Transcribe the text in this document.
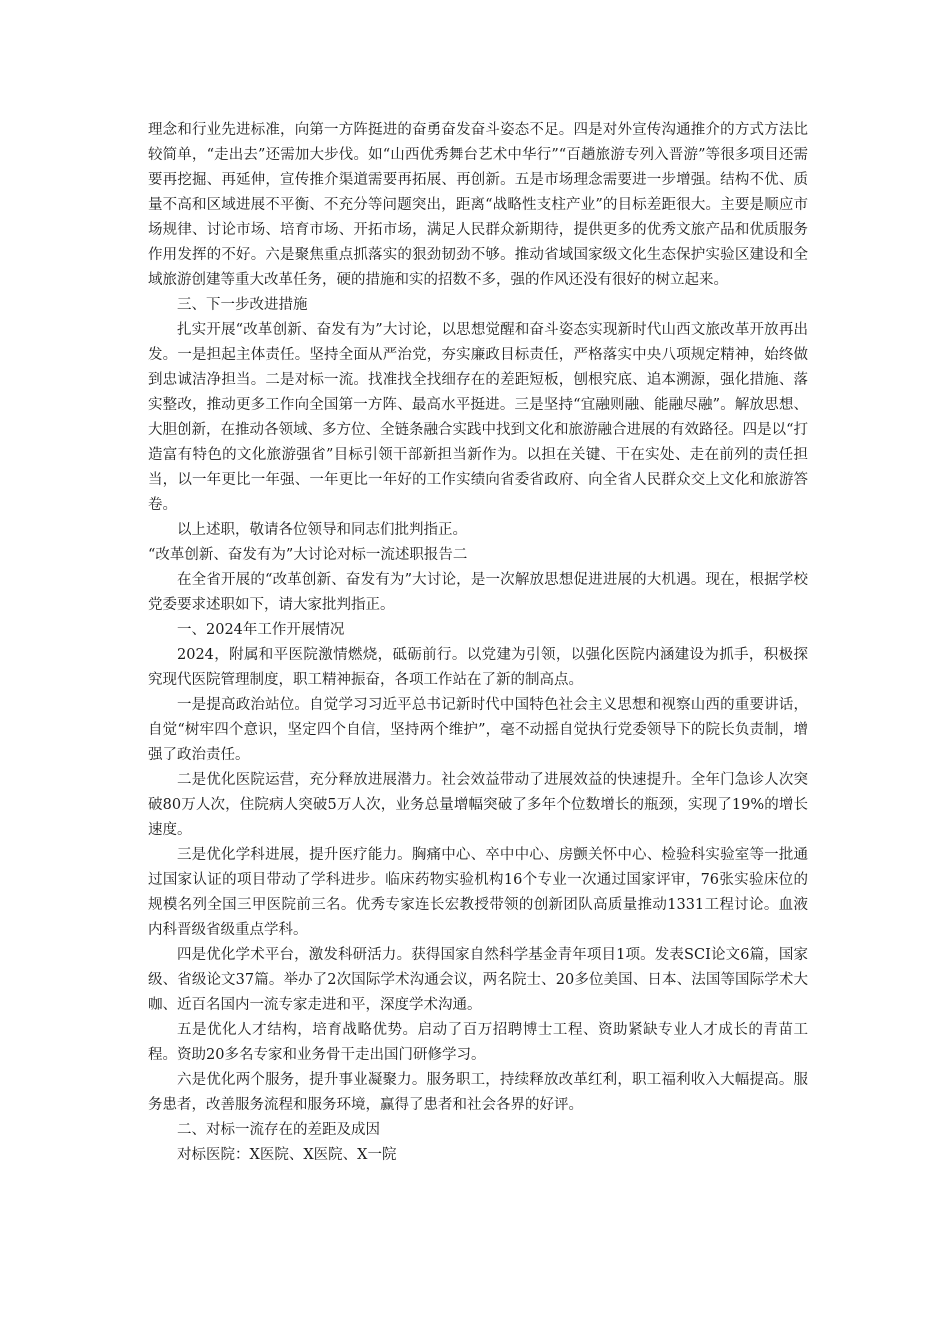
理念和行业先进标准，向第一方阵挺进的奋勇奋发奋斗姿态不足。四是对外宣传沟通推介的方式方法比较简单，“走出去”还需加大步伐。如“山西优秀舞台艺术中华行”“百趟旅游专列入晋游”等很多项目还需要再挖掘、再延伸，宣传推介渠道需要再拓展、再创新。五是市场理念需要进一步增强。结构不优、质量不高和区域进展不平衡、不充分等问题突出，距离“战略性支柱产业”的目标差距很大。主要是顺应市场规律、讨论市场、培育市场、开拓市场，满足人民群众新期待，提供更多的优秀文旅产品和优质服务作用发挥的不好。六是聚焦重点抓落实的狠劲韧劲不够。推动省域国家级文化生态保护实验区建设和全域旅游创建等重大改革任务，硬的措施和实的招数不多，强的作风还没有很好的树立起来。

三、下一步改进措施

扎实开展“改革创新、奋发有为”大讨论，以思想觉醒和奋斗姿态实现新时代山西文旅改革开放再出发。一是担起主体责任。坚持全面从严治党，夯实廉政目标责任，严格落实中央八项规定精神，始终做到忠诚洁净担当。二是对标一流。找准找全找细存在的差距短板，刨根究底、追本溯源，强化措施、落实整改，推动更多工作向全国第一方阵、最高水平挺进。三是坚持“宜融则融、能融尽融”。解放思想、大胆创新，在推动各领域、多方位、全链条融合实践中找到文化和旅游融合进展的有效路径。四是以“打造富有特色的文化旅游强省”目标引领干部新担当新作为。以担在关键、干在实处、走在前列的责任担当，以一年更比一年强、一年更比一年好的工作实绩向省委省政府、向全省人民群众交上文化和旅游答卷。

以上述职，敬请各位领导和同志们批判指正。

“改革创新、奋发有为”大讨论对标一流述职报告二

在全省开展的“改革创新、奋发有为”大讨论，是一次解放思想促进进展的大机遇。现在，根据学校党委要求述职如下，请大家批判指正。

一、2024年工作开展情况

2024，附属和平医院激情燃烧，砥砺前行。以党建为引领，以强化医院内涵建设为抓手，积极探究现代医院管理制度，职工精神振奋，各项工作站在了新的制高点。

一是提高政治站位。自觉学习习近平总书记新时代中国特色社会主义思想和视察山西的重要讲话，自觉“树牢四个意识，坚定四个自信，坚持两个维护”，毫不动摇自觉执行党委领导下的院长负责制，增强了政治责任。

二是优化医院运营，充分释放进展潜力。社会效益带动了进展效益的快速提升。全年门急诊人次突破80万人次，住院病人突破5万人次，业务总量增幅突破了多年个位数增长的瓶颈，实现了19%的增长速度。

三是优化学科进展，提升医疗能力。胸痛中心、卒中中心、房颤关怀中心、检验科实验室等一批通过国家认证的项目带动了学科进步。临床药物实验机构16个专业一次通过国家评审，76张实验床位的规模名列全国三甲医院前三名。优秀专家连长宏教授带领的创新团队高质量推动1331工程讨论。血液内科晋级省级重点学科。

四是优化学术平台，激发科研活力。获得国家自然科学基金青年项目1项。发表SCI论文6篇，国家级、省级论文37篇。举办了2次国际学术沟通会议，两名院士、20多位美国、日本、法国等国际学术大咖、近百名国内一流专家走进和平，深度学术沟通。

五是优化人才结构，培育战略优势。启动了百万招聘博士工程、资助紧缺专业人才成长的青苗工程。资助20多名专家和业务骨干走出国门研修学习。

六是优化两个服务，提升事业凝聚力。服务职工，持续释放改革红利，职工福利收入大幅提高。服务患者，改善服务流程和服务环境，赢得了患者和社会各界的好评。

二、对标一流存在的差距及成因

对标医院：X医院、X医院、X一院
